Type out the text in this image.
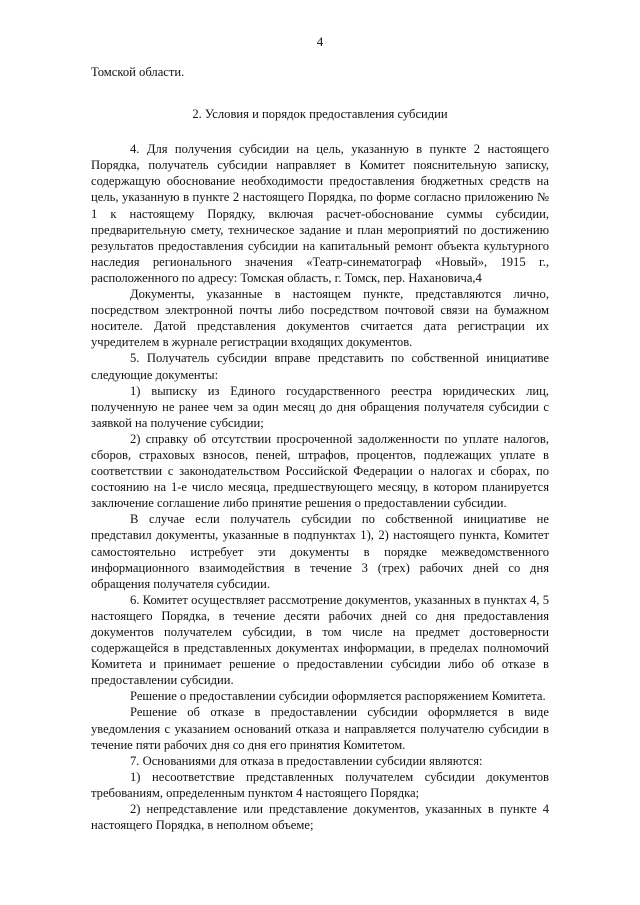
4

Томской области.

2. Условия и порядок предоставления субсидии

4. Для получения субсидии на цель, указанную в пункте 2 настоящего Порядка, получатель субсидии направляет в Комитет пояснительную записку, содержащую обоснование необходимости предоставления бюджетных средств на цель, указанную в пункте 2 настоящего Порядка, по форме согласно приложению № 1 к настоящему Порядку, включая расчет-обоснование суммы субсидии, предварительную смету, техническое задание и план мероприятий по достижению результатов предоставления субсидии на капитальный ремонт объекта культурного наследия регионального значения «Театр-синематограф «Новый», 1915 г., расположенного по адресу: Томская область, г. Томск, пер. Нахановича,4

Документы, указанные в настоящем пункте, представляются лично, посредством электронной почты либо посредством почтовой связи на бумажном носителе. Датой представления документов считается дата регистрации их учредителем в журнале регистрации входящих документов.

5. Получатель субсидии вправе представить по собственной инициативе следующие документы:

1) выписку из Единого государственного реестра юридических лиц, полученную не ранее чем за один месяц до дня обращения получателя субсидии с заявкой на получение субсидии;

2) справку об отсутствии просроченной задолженности по уплате налогов, сборов, страховых взносов, пеней, штрафов, процентов, подлежащих уплате в соответствии с законодательством Российской Федерации о налогах и сборах, по состоянию на 1-е число месяца, предшествующего месяцу, в котором планируется заключение соглашение либо принятие решения о предоставлении субсидии.

В случае если получатель субсидии по собственной инициативе не представил документы, указанные в подпунктах 1), 2) настоящего пункта, Комитет самостоятельно истребует эти документы в порядке межведомственного информационного взаимодействия в течение 3 (трех) рабочих дней со дня обращения получателя субсидии.

6. Комитет осуществляет рассмотрение документов, указанных в пунктах 4, 5 настоящего Порядка, в течение десяти рабочих дней со дня предоставления документов получателем субсидии, в том числе на предмет достоверности содержащейся в представленных документах информации, в пределах полномочий Комитета и принимает решение о предоставлении субсидии либо об отказе в предоставлении субсидии.

Решение о предоставлении субсидии оформляется распоряжением Комитета.

Решение об отказе в предоставлении субсидии оформляется в виде уведомления с указанием оснований отказа и направляется получателю субсидии в течение пяти рабочих дня со дня его принятия Комитетом.

7. Основаниями для отказа в предоставлении субсидии являются:

1) несоответствие представленных получателем субсидии документов требованиям, определенным пунктом 4 настоящего Порядка;

2) непредставление или представление документов, указанных в пункте 4 настоящего Порядка, в неполном объеме;
